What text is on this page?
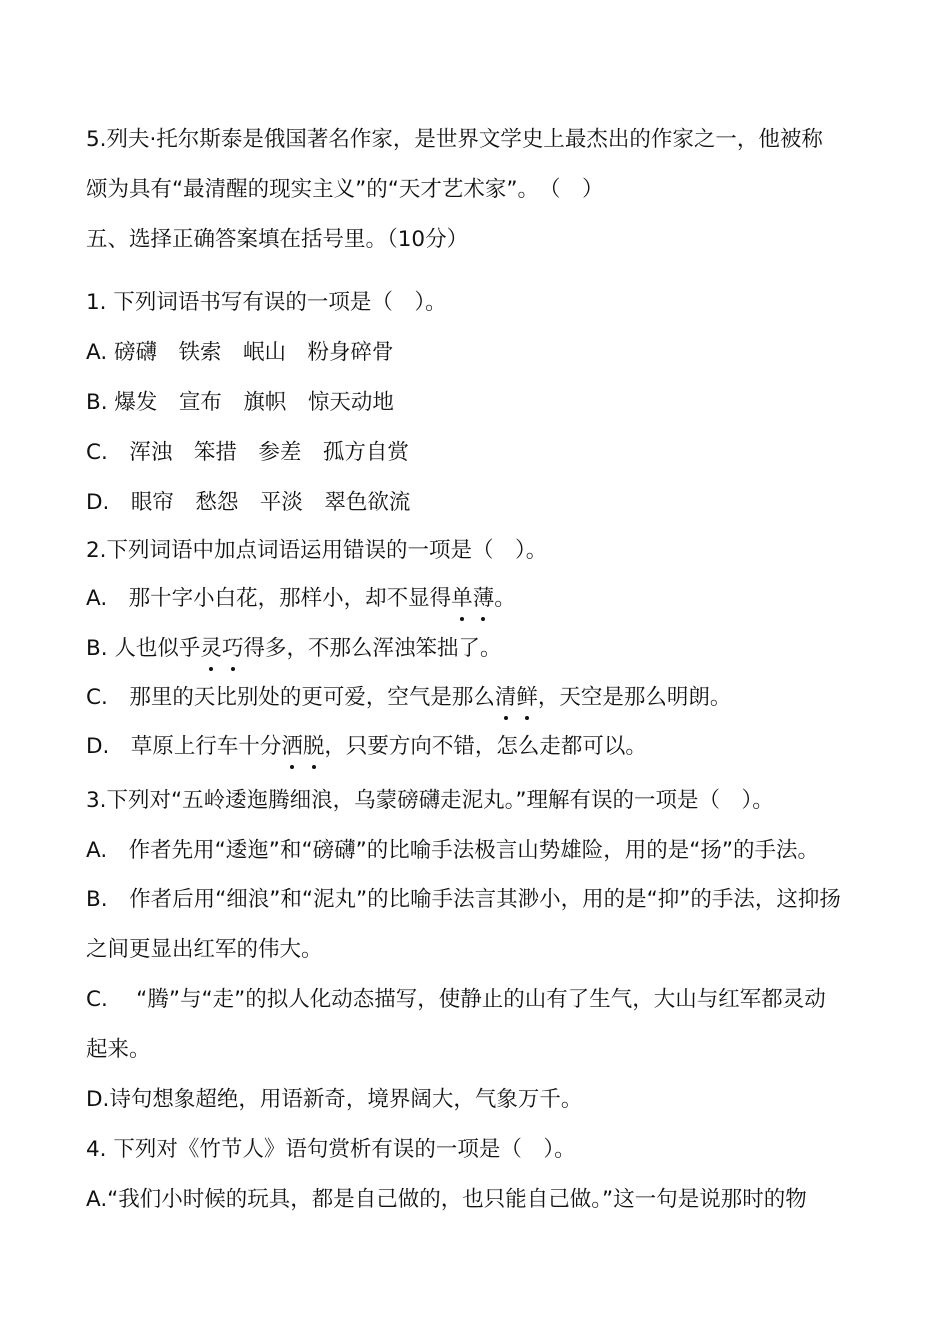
5.列夫·托尔斯泰是俄国著名作家，是世界文学史上最杰出的作家之一，他被称
颂为具有“最清醒的现实主义”的“天才艺术家”。　（　）
五、选择正确答案填在括号里。（10分）
1. 下列词语书写有误的一项是（　）。
A. 磅礴　铁索　岷山　粉身碎骨
B. 爆发　宣布　旗帜　惊天动地
C.　浑浊　笨措　参差　孤方自赏
D.　眼帘　愁怨　平淡　翠色欲流
2.下列词语中加点词语运用错误的一项是（　）。
A.　那十字小白花，那样小，却不显得单薄。
B. 人也似乎灵巧得多，不那么浑浊笨拙了。
C.　那里的天比别处的更可爱，空气是那么清鲜，天空是那么明朗。
D.　草原上行车十分洒脱，只要方向不错，怎么走都可以。
3.下列对“五岭逶迤腾细浪，乌蒙磅礴走泥丸。”理解有误的一项是（　）。
A.　作者先用“逶迤”和“磅礴”的比喻手法极言山势雄险，用的是“扬”的手法。
B.　作者后用“细浪”和“泥丸”的比喻手法言其渺小，用的是“抑”的手法，这抑扬
之间更显出红军的伟大。
C.　 “腾”与“走”的拟人化动态描写，使静止的山有了生气，大山与红军都灵动
起来。
D.诗句想象超绝，用语新奇，境界阔大，气象万千。
4. 下列对《竹节人》语句赏析有误的一项是（　）。
A.“我们小时候的玩具，都是自己做的，也只能自己做。”这一句是说那时的物
